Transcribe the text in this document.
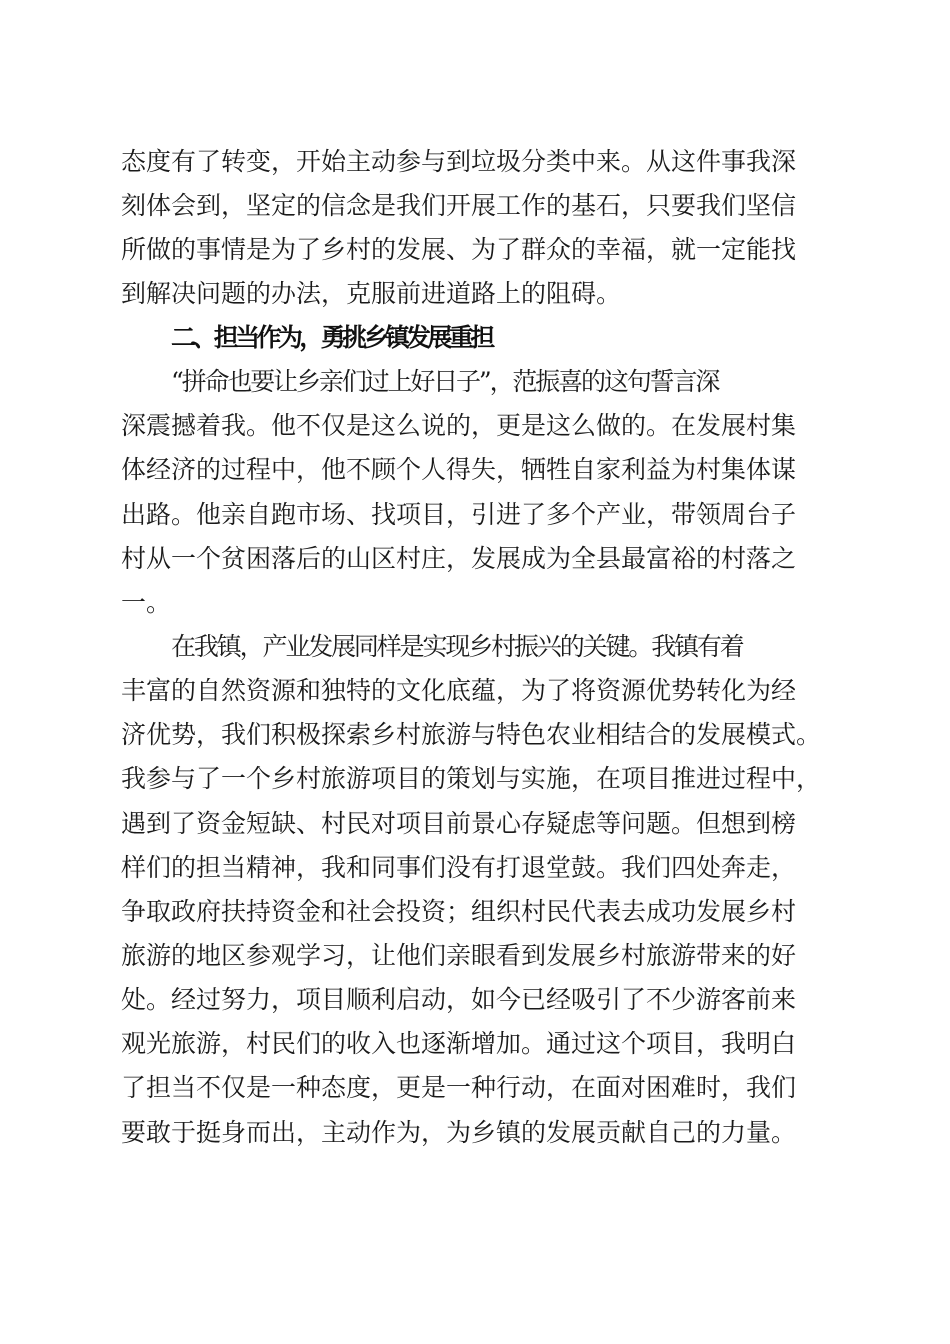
态度有了转变，开始主动参与到垃圾分类中来。从这件事我深
刻体会到，坚定的信念是我们开展工作的基石，只要我们坚信
所做的事情是为了乡村的发展、为了群众的幸福，就一定能找
到解决问题的办法，克服前进道路上的阻碍。
二、担当作为，勇挑乡镇发展重担
“拼命也要让乡亲们过上好日子”，范振喜的这句誓言深
深震撼着我。他不仅是这么说的，更是这么做的。在发展村集
体经济的过程中，他不顾个人得失，牺牲自家利益为村集体谋
出路。他亲自跑市场、找项目，引进了多个产业，带领周台子
村从一个贫困落后的山区村庄，发展成为全县最富裕的村落之
一。
在我镇，产业发展同样是实现乡村振兴的关键。我镇有着
丰富的自然资源和独特的文化底蕴，为了将资源优势转化为经
济优势，我们积极探索乡村旅游与特色农业相结合的发展模式。
我参与了一个乡村旅游项目的策划与实施，在项目推进过程中，
遇到了资金短缺、村民对项目前景心存疑虑等问题。但想到榜
样们的担当精神，我和同事们没有打退堂鼓。我们四处奔走，
争取政府扶持资金和社会投资；组织村民代表去成功发展乡村
旅游的地区参观学习，让他们亲眼看到发展乡村旅游带来的好
处。经过努力，项目顺利启动，如今已经吸引了不少游客前来
观光旅游，村民们的收入也逐渐增加。通过这个项目，我明白
了担当不仅是一种态度，更是一种行动，在面对困难时，我们
要敢于挺身而出，主动作为，为乡镇的发展贡献自己的力量。
